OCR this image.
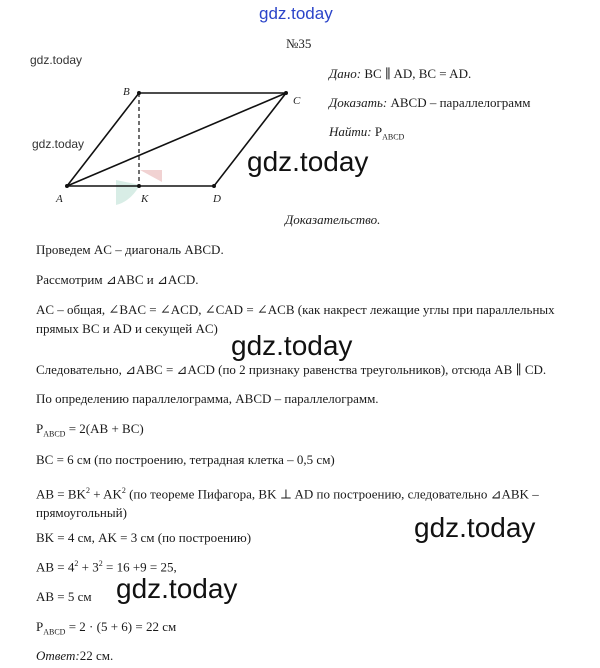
gdz.today
gdz.today
gdz.today
№35
A
B
C
D
K
Дано: BC ∥ AD, BC = AD.
Доказать: ABCD – параллелограмм
Найти: $P_{ABCD}$
gdz.today
Доказательство.
Проведем AC – диагональ ABCD.
Рассмотрим ⊿ABC и ⊿ACD.
AC – общая, ∠BAC = ∠ACD, ∠CAD = ∠ACB (как накрест лежащие углы при параллельных прямых BC и AD и секущей AC)
gdz.today
Следовательно, ⊿ABC = ⊿ACD (по 2 признаку равенства треугольников), отсюда AB ∥ CD.
По определению параллелограмма, ABCD – параллелограмм.
$P_{ABCD} = 2(AB + BC)$
BC = 6 см (по построению, тетрадная клетка – 0,5 см)
AB = $BK^2 + AK^2$ (по теореме Пифагора, BK ⊥ AD по построению, следовательно ⊿ABK – прямоугольный)	gdz.today
BK = 4 см, AK = 3 см (по построению)
AB = $4^2 + 3^2 = 16 +9 = 25$,
gdz.today
AB = 5 см
$P_{ABCD} = 2 \cdot (5 + 6) = 22$ см
Ответ:22 см.
